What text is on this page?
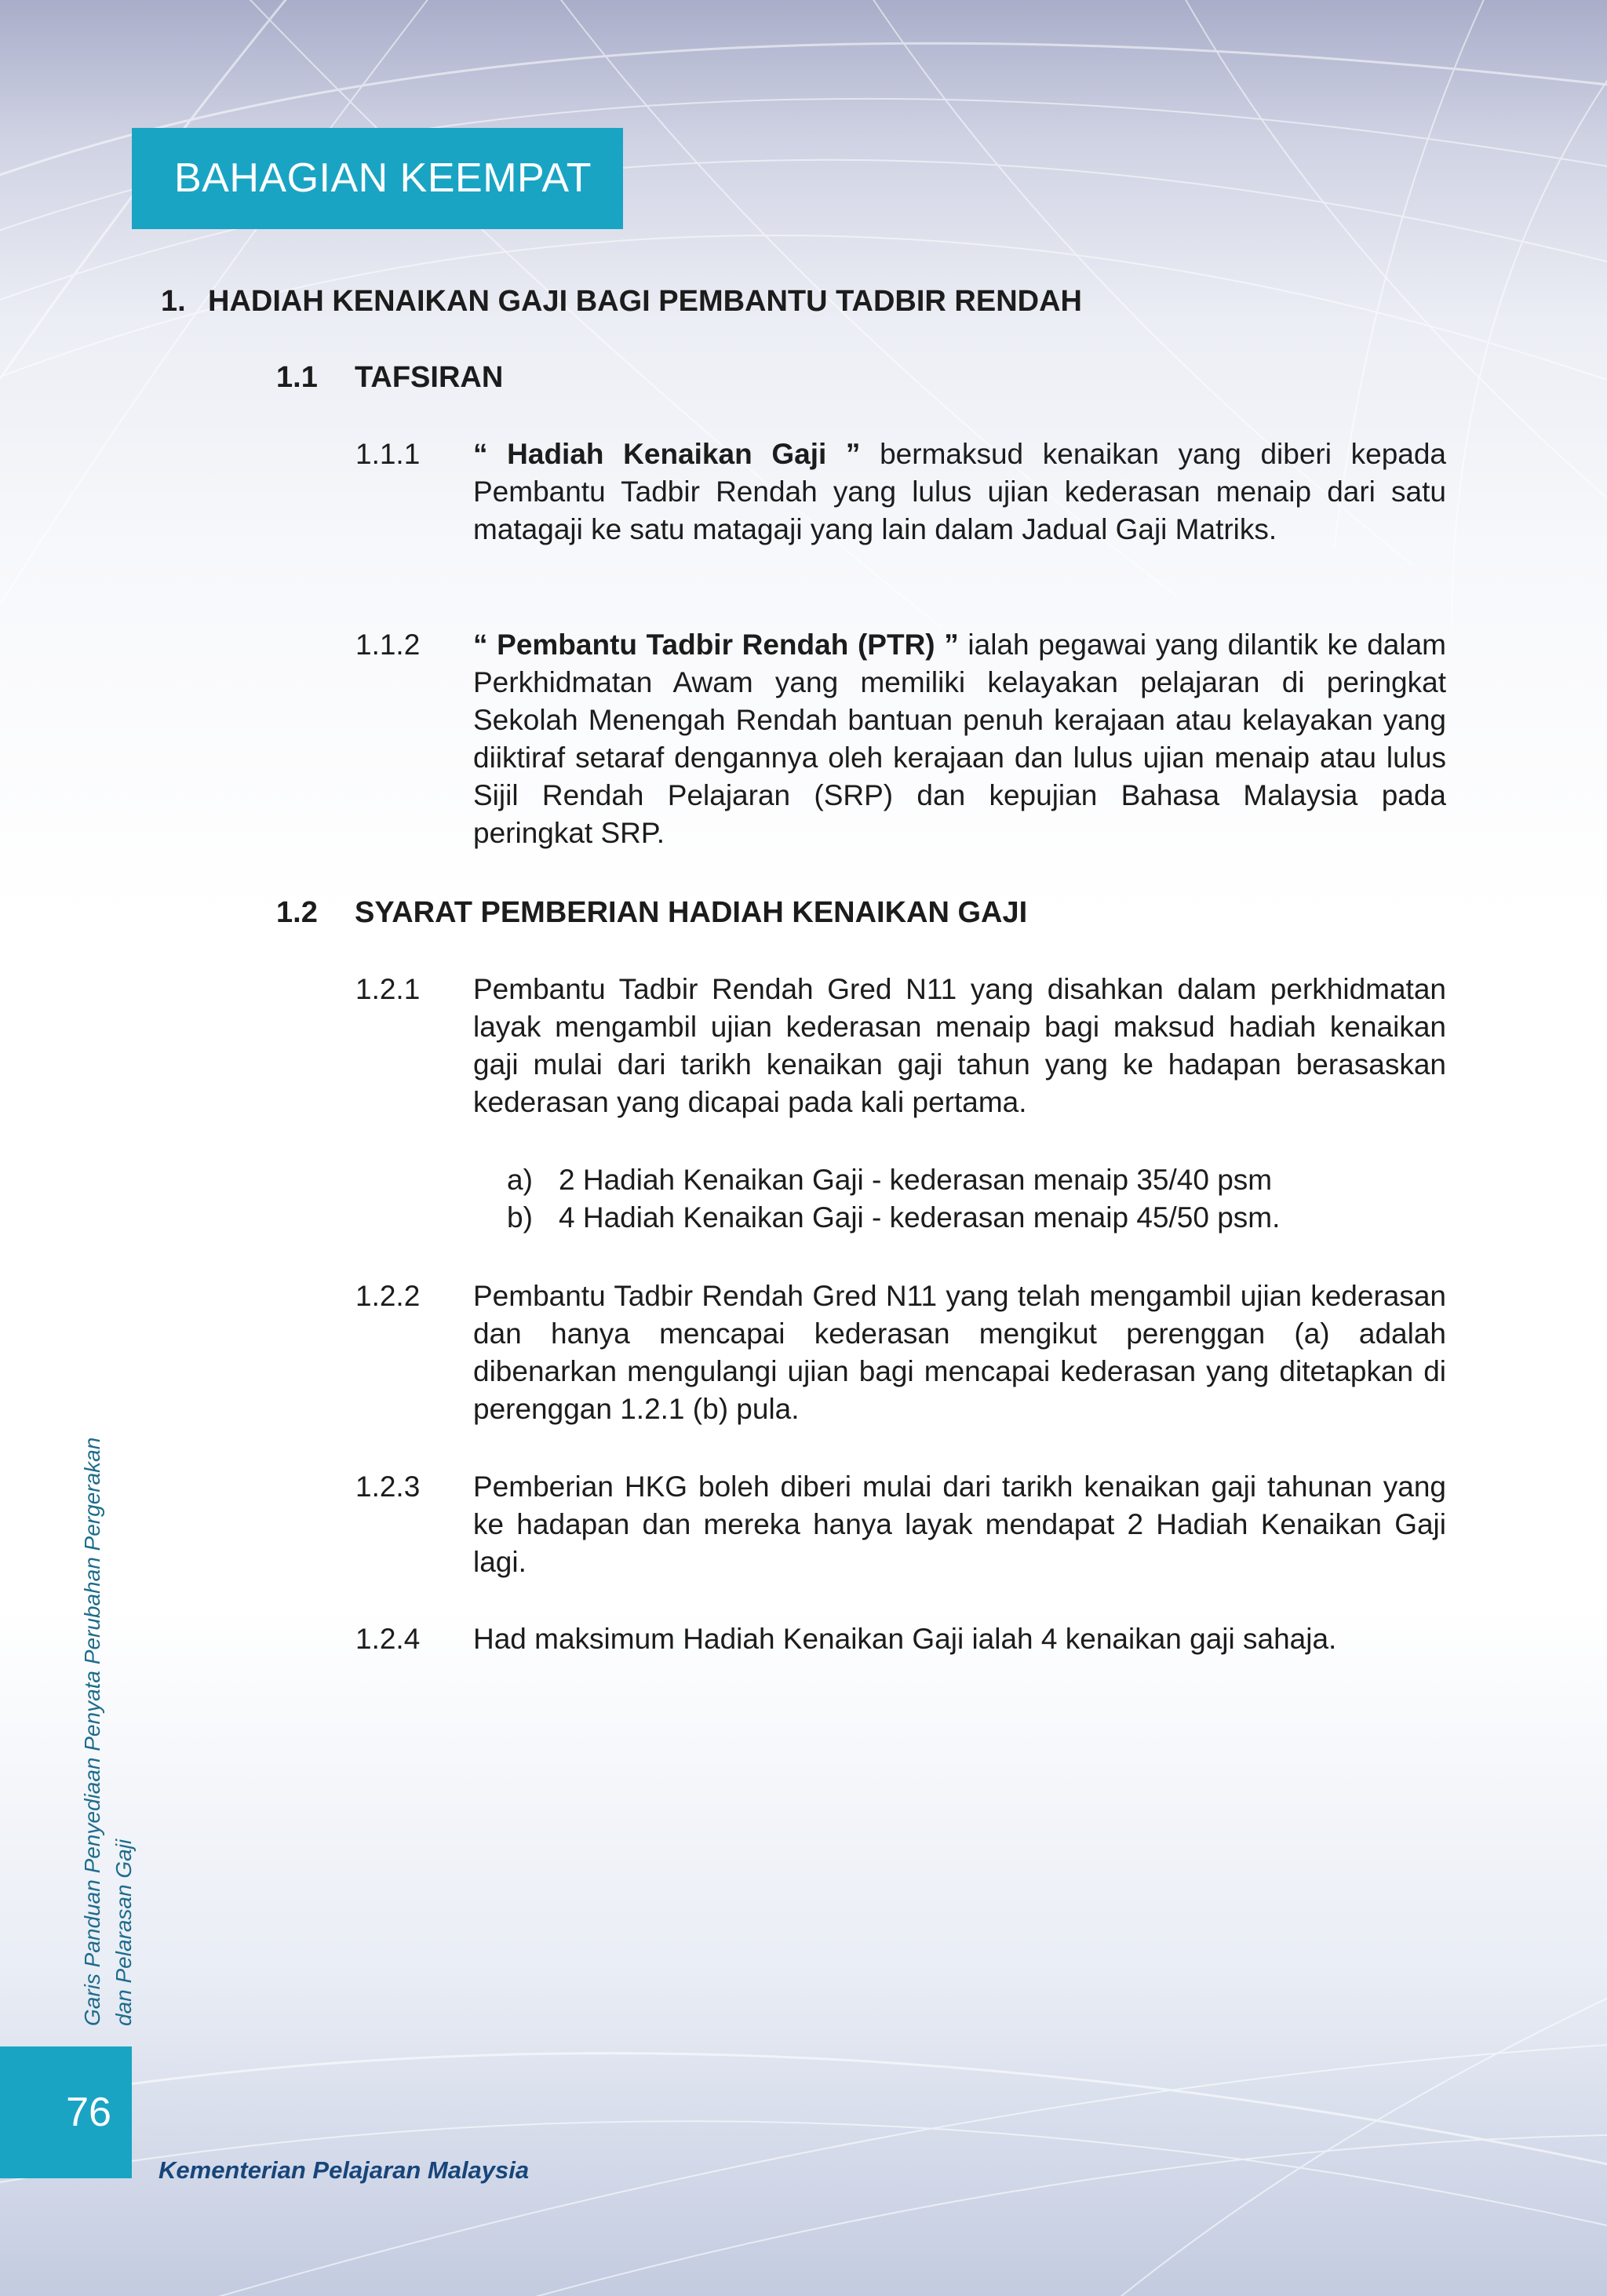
BAHAGIAN KEEMPAT
1. HADIAH KENAIKAN GAJI BAGI PEMBANTU TADBIR RENDAH
1.1 TAFSIRAN
1.1.1 “ Hadiah Kenaikan Gaji ” bermaksud kenaikan yang diberi kepada Pembantu Tadbir Rendah yang lulus ujian kederasan menaip dari satu matagaji ke satu matagaji yang lain dalam Jadual Gaji Matriks.
1.1.2 “ Pembantu Tadbir Rendah (PTR) ” ialah pegawai yang dilantik ke dalam Perkhidmatan Awam yang memiliki kelayakan pelajaran di peringkat Sekolah Menengah Rendah bantuan penuh kerajaan atau kelayakan yang diiktiraf setaraf dengannya oleh kerajaan dan lulus ujian menaip atau lulus Sijil Rendah Pelajaran (SRP) dan kepujian Bahasa Malaysia pada peringkat SRP.
1.2 SYARAT PEMBERIAN HADIAH KENAIKAN GAJI
1.2.1 Pembantu Tadbir Rendah Gred N11 yang disahkan dalam perkhidmatan layak mengambil ujian kederasan menaip bagi maksud hadiah kenaikan gaji mulai dari tarikh kenaikan gaji tahun yang ke hadapan berasaskan kederasan yang dicapai pada kali pertama.
a) 2 Hadiah Kenaikan Gaji - kederasan menaip 35/40 psm
b) 4 Hadiah Kenaikan Gaji - kederasan menaip 45/50 psm.
1.2.2 Pembantu Tadbir Rendah Gred N11 yang telah mengambil ujian kederasan dan hanya mencapai kederasan mengikut perenggan (a) adalah dibenarkan mengulangi ujian bagi mencapai kederasan yang ditetapkan di perenggan 1.2.1 (b) pula.
1.2.3 Pemberian HKG boleh diberi mulai dari tarikh kenaikan gaji tahunan yang ke hadapan dan mereka hanya layak mendapat 2 Hadiah Kenaikan Gaji lagi.
1.2.4 Had maksimum Hadiah Kenaikan Gaji ialah 4 kenaikan gaji sahaja.
Garis Panduan Penyediaan Penyata Perubahan Pergerakan dan Pelarasan Gaji
76
Kementerian Pelajaran Malaysia
